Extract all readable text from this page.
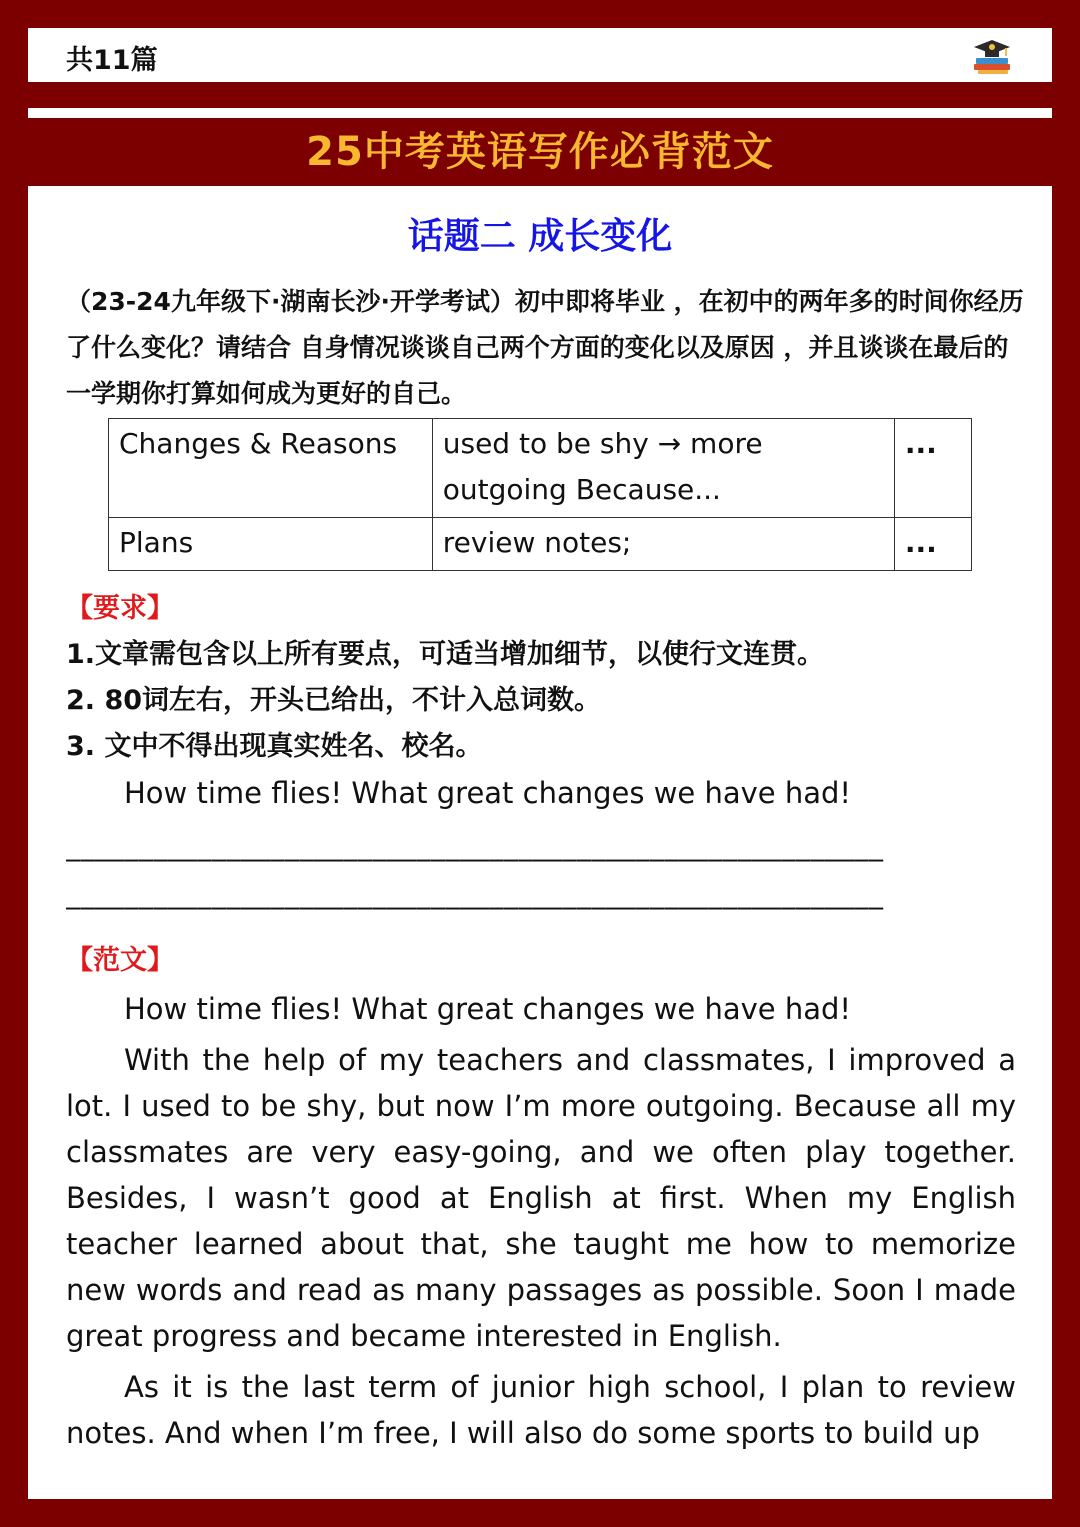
共11篇
25中考英语写作必背范文
话题二 成长变化
（23-24九年级下·湖南长沙·开学考试）初中即将毕业 ，在初中的两年多的时间你经历了什么变化？请结合 自身情况谈谈自己两个方面的变化以及原因 ，并且谈谈在最后的一学期你打算如何成为更好的自己。
Changes & Reasons	used to be shy → more outgoing Because...	...
Plans	review notes;	...
【要求】
1.文章需包含以上所有要点，可适当增加细节，以使行文连贯。
2. 80词左右，开头已给出，不计入总词数。
3. 文中不得出现真实姓名、校名。
How time flies! What great changes we have had!
________________________________________________________
________________________________________________________
【范文】

How time flies! What great changes we have had!

With the help of my teachers and classmates, I improved a lot. I used to be shy, but now I’m more outgoing. Because all my classmates are very easy-going, and we often play together. Besides, I wasn’t good at English at first. When my English teacher learned about that, she taught me how to memorize new words and read as many passages as possible. Soon I made great progress and became interested in English.

As it is the last term of junior high school, I plan to review notes. And when I’m free, I will also do some sports to build up
